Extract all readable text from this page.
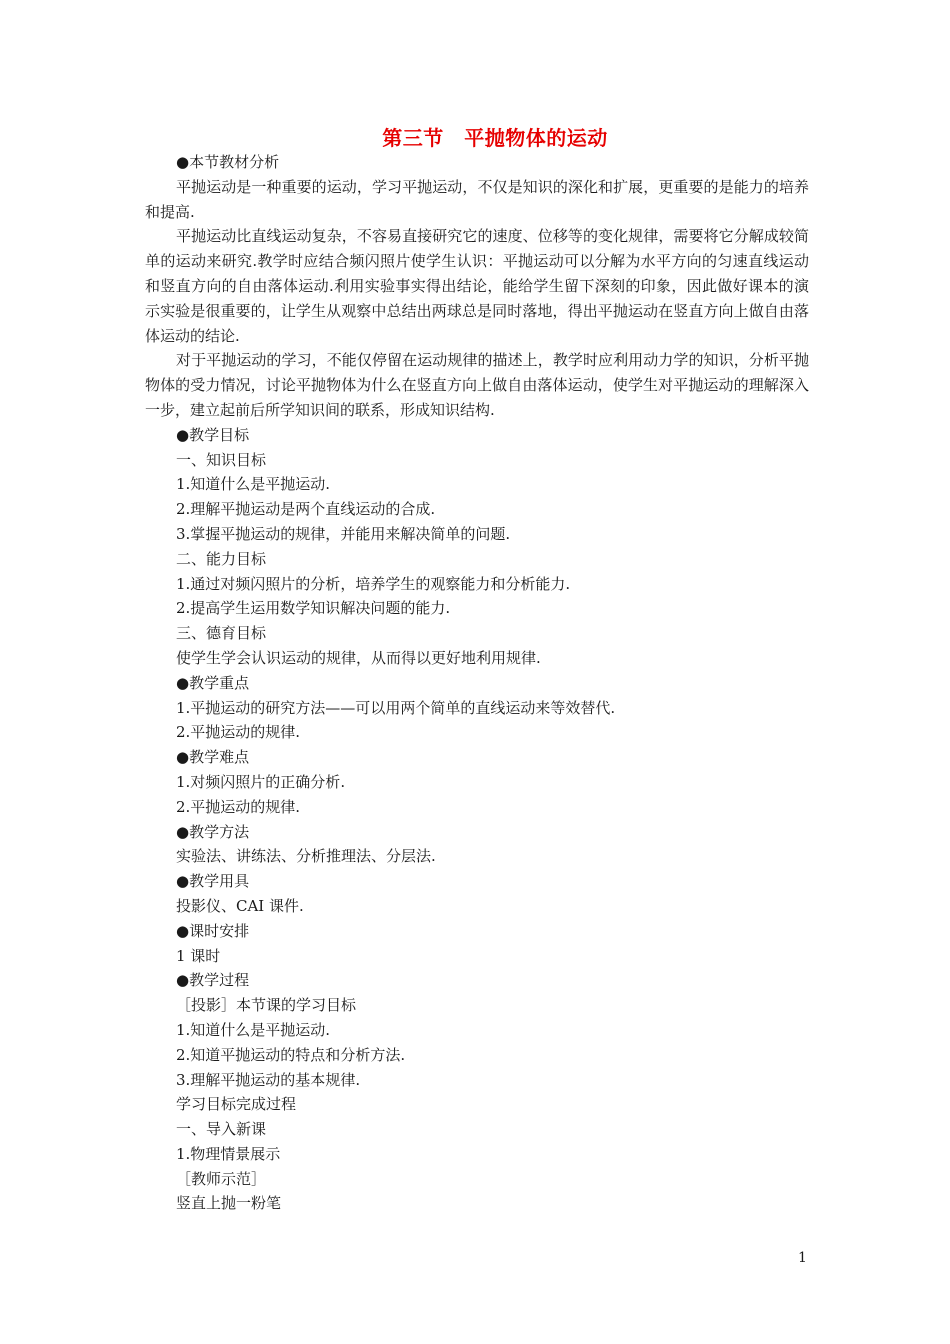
第三节　平抛物体的运动
●本节教材分析
平抛运动是一种重要的运动，学习平抛运动，不仅是知识的深化和扩展，更重要的是能力的培养和提高.
平抛运动比直线运动复杂，不容易直接研究它的速度、位移等的变化规律，需要将它分解成较简单的运动来研究.教学时应结合频闪照片使学生认识：平抛运动可以分解为水平方向的匀速直线运动和竖直方向的自由落体运动.利用实验事实得出结论，能给学生留下深刻的印象，因此做好课本的演示实验是很重要的，让学生从观察中总结出两球总是同时落地，得出平抛运动在竖直方向上做自由落体运动的结论.
对于平抛运动的学习，不能仅停留在运动规律的描述上，教学时应利用动力学的知识，分析平抛物体的受力情况，讨论平抛物体为什么在竖直方向上做自由落体运动，使学生对平抛运动的理解深入一步，建立起前后所学知识间的联系，形成知识结构.
●教学目标
一、知识目标
1.知道什么是平抛运动.
2.理解平抛运动是两个直线运动的合成.
3.掌握平抛运动的规律，并能用来解决简单的问题.
二、能力目标
1.通过对频闪照片的分析，培养学生的观察能力和分析能力.
2.提高学生运用数学知识解决问题的能力.
三、德育目标
使学生学会认识运动的规律，从而得以更好地利用规律.
●教学重点
1.平抛运动的研究方法——可以用两个简单的直线运动来等效替代.
2.平抛运动的规律.
●教学难点
1.对频闪照片的正确分析.
2.平抛运动的规律.
●教学方法
实验法、讲练法、分析推理法、分层法.
●教学用具
投影仪、CAI 课件.
●课时安排
1 课时
●教学过程
［投影］本节课的学习目标
1.知道什么是平抛运动.
2.知道平抛运动的特点和分析方法.
3.理解平抛运动的基本规律.
学习目标完成过程
一、导入新课
1.物理情景展示
［教师示范］
竖直上抛一粉笔
1
